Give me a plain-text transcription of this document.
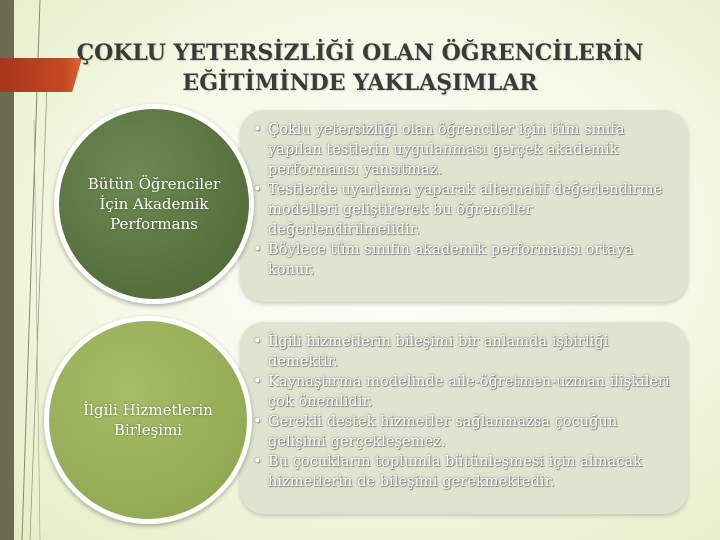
ÇOKLU YETERSİZLİĞİ OLAN ÖĞRENCİLERİN
EĞİTİMİNDE YAKLAŞIMLAR
• Çoklu yetersizliği olan öğrenciler için tüm sınıfa yapılan testlerin uygulanması gerçek akademik performansı yansıtmaz.
• Testlerde uyarlama yaparak alternatif değerlendirme modelleri geliştirerek bu öğrenciler değerlendirilmelidir.
• Böylece tüm sınıfın akademik performansı ortaya konur.
• İlgili hizmetlerin bileşimi bir anlamda işbirliği demektir.
• Kaynaştırma modelinde aile-öğretmen-uzman ilişkileri çok önemlidir.
• Gerekli destek hizmetler sağlanmazsa çocuğun gelişimi gerçekleşemez.
• Bu çocukların toplumla bütünleşmesi için alınacak hizmetlerin de bileşimi gerekmektedir.
Bütün Öğrenciler
İçin Akademik
Performans
İlgili Hizmetlerin
Birleşimi
